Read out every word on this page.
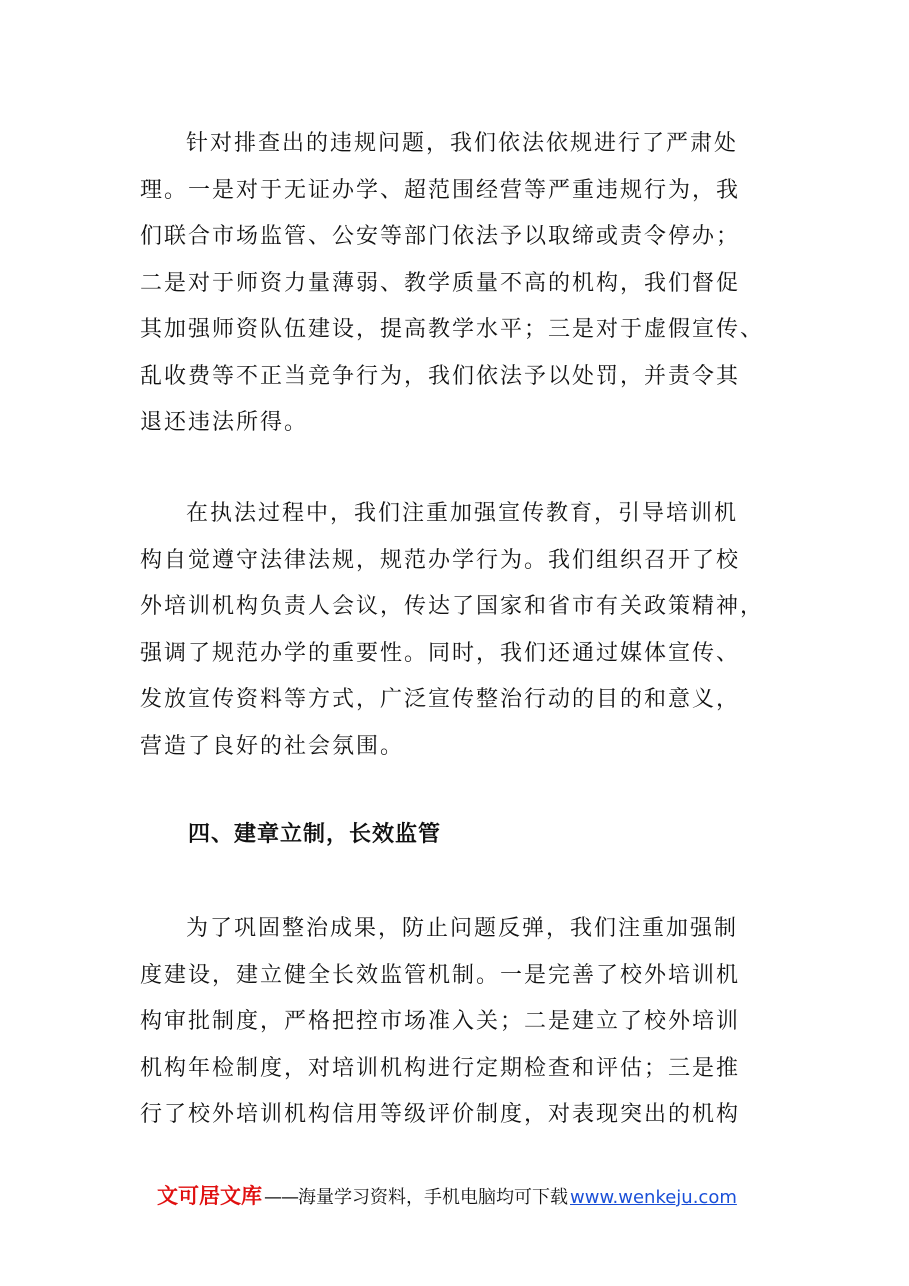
针对排查出的违规问题，我们依法依规进行了严肃处
理。一是对于无证办学、超范围经营等严重违规行为，我
们联合市场监管、公安等部门依法予以取缔或责令停办；
二是对于师资力量薄弱、教学质量不高的机构，我们督促
其加强师资队伍建设，提高教学水平；三是对于虚假宣传、
乱收费等不正当竞争行为，我们依法予以处罚，并责令其
退还违法所得。
在执法过程中，我们注重加强宣传教育，引导培训机
构自觉遵守法律法规，规范办学行为。我们组织召开了校
外培训机构负责人会议，传达了国家和省市有关政策精神，
强调了规范办学的重要性。同时，我们还通过媒体宣传、
发放宣传资料等方式，广泛宣传整治行动的目的和意义，
营造了良好的社会氛围。
四、建章立制，长效监管
为了巩固整治成果，防止问题反弹，我们注重加强制
度建设，建立健全长效监管机制。一是完善了校外培训机
构审批制度，严格把控市场准入关；二是建立了校外培训
机构年检制度，对培训机构进行定期检查和评估；三是推
行了校外培训机构信用等级评价制度，对表现突出的机构
文可居文库 —— 海量学习资料，手机电脑均可下载 www.wenkeju.com
